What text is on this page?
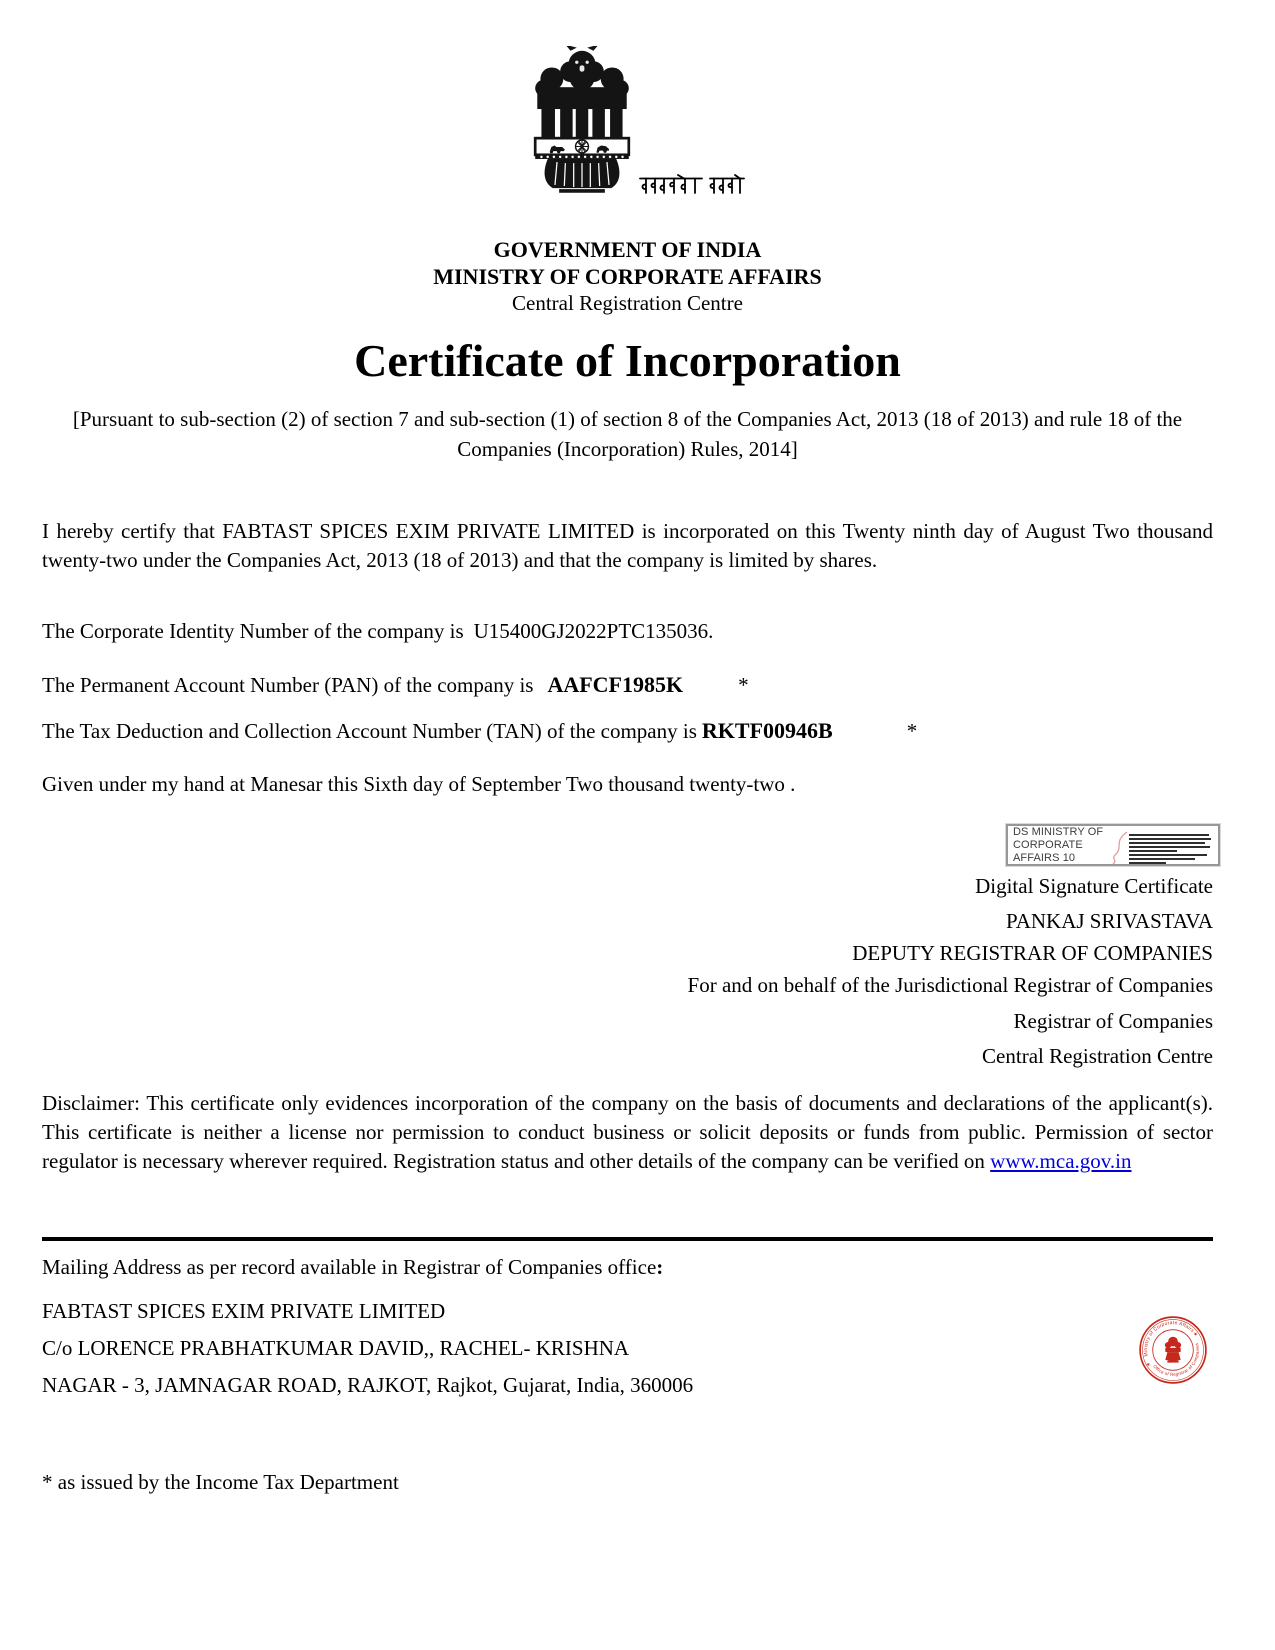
GOVERNMENT OF INDIA
MINISTRY OF CORPORATE AFFAIRS
Central Registration Centre
Certificate of Incorporation
[Pursuant to sub-section (2) of section 7 and sub-section (1) of section 8 of the Companies Act, 2013 (18 of 2013) and rule 18 of the Companies (Incorporation) Rules, 2014]
I hereby certify that FABTAST SPICES EXIM PRIVATE LIMITED is incorporated on this Twenty ninth day of August Two thousand twenty-two under the Companies Act, 2013 (18 of 2013) and that the company is limited by shares.
The Corporate Identity Number of the company is U15400GJ2022PTC135036.
The Permanent Account Number (PAN) of the company is AAFCF1985K	*
The Tax Deduction and Collection Account Number (TAN) of the company is RKTF00946B	*
Given under my hand at Manesar this Sixth day of September Two thousand twenty-two .
DS MINISTRY OF
CORPORATE AFFAIRS 10
Digital Signature Certificate
PANKAJ SRIVASTAVA
DEPUTY REGISTRAR OF COMPANIES
For and on behalf of the Jurisdictional Registrar of Companies
Registrar of Companies
Central Registration Centre
Disclaimer: This certificate only evidences incorporation of the company on the basis of documents and declarations of the applicant(s). This certificate is neither a license nor permission to conduct business or solicit deposits or funds from public. Permission of sector regulator is necessary wherever required. Registration status and other details of the company can be verified on www.mca.gov.in
Mailing Address as per record available in Registrar of Companies office:
FABTAST SPICES EXIM PRIVATE LIMITED
C/o LORENCE PRABHATKUMAR DAVID,, RACHEL- KRISHNA
NAGAR - 3, JAMNAGAR ROAD, RAJKOT, Rajkot, Gujarat, India, 360006
Ministry of Corporate Affairs
Office of Registrar of Companies
★
★
* as issued by the Income Tax Department
